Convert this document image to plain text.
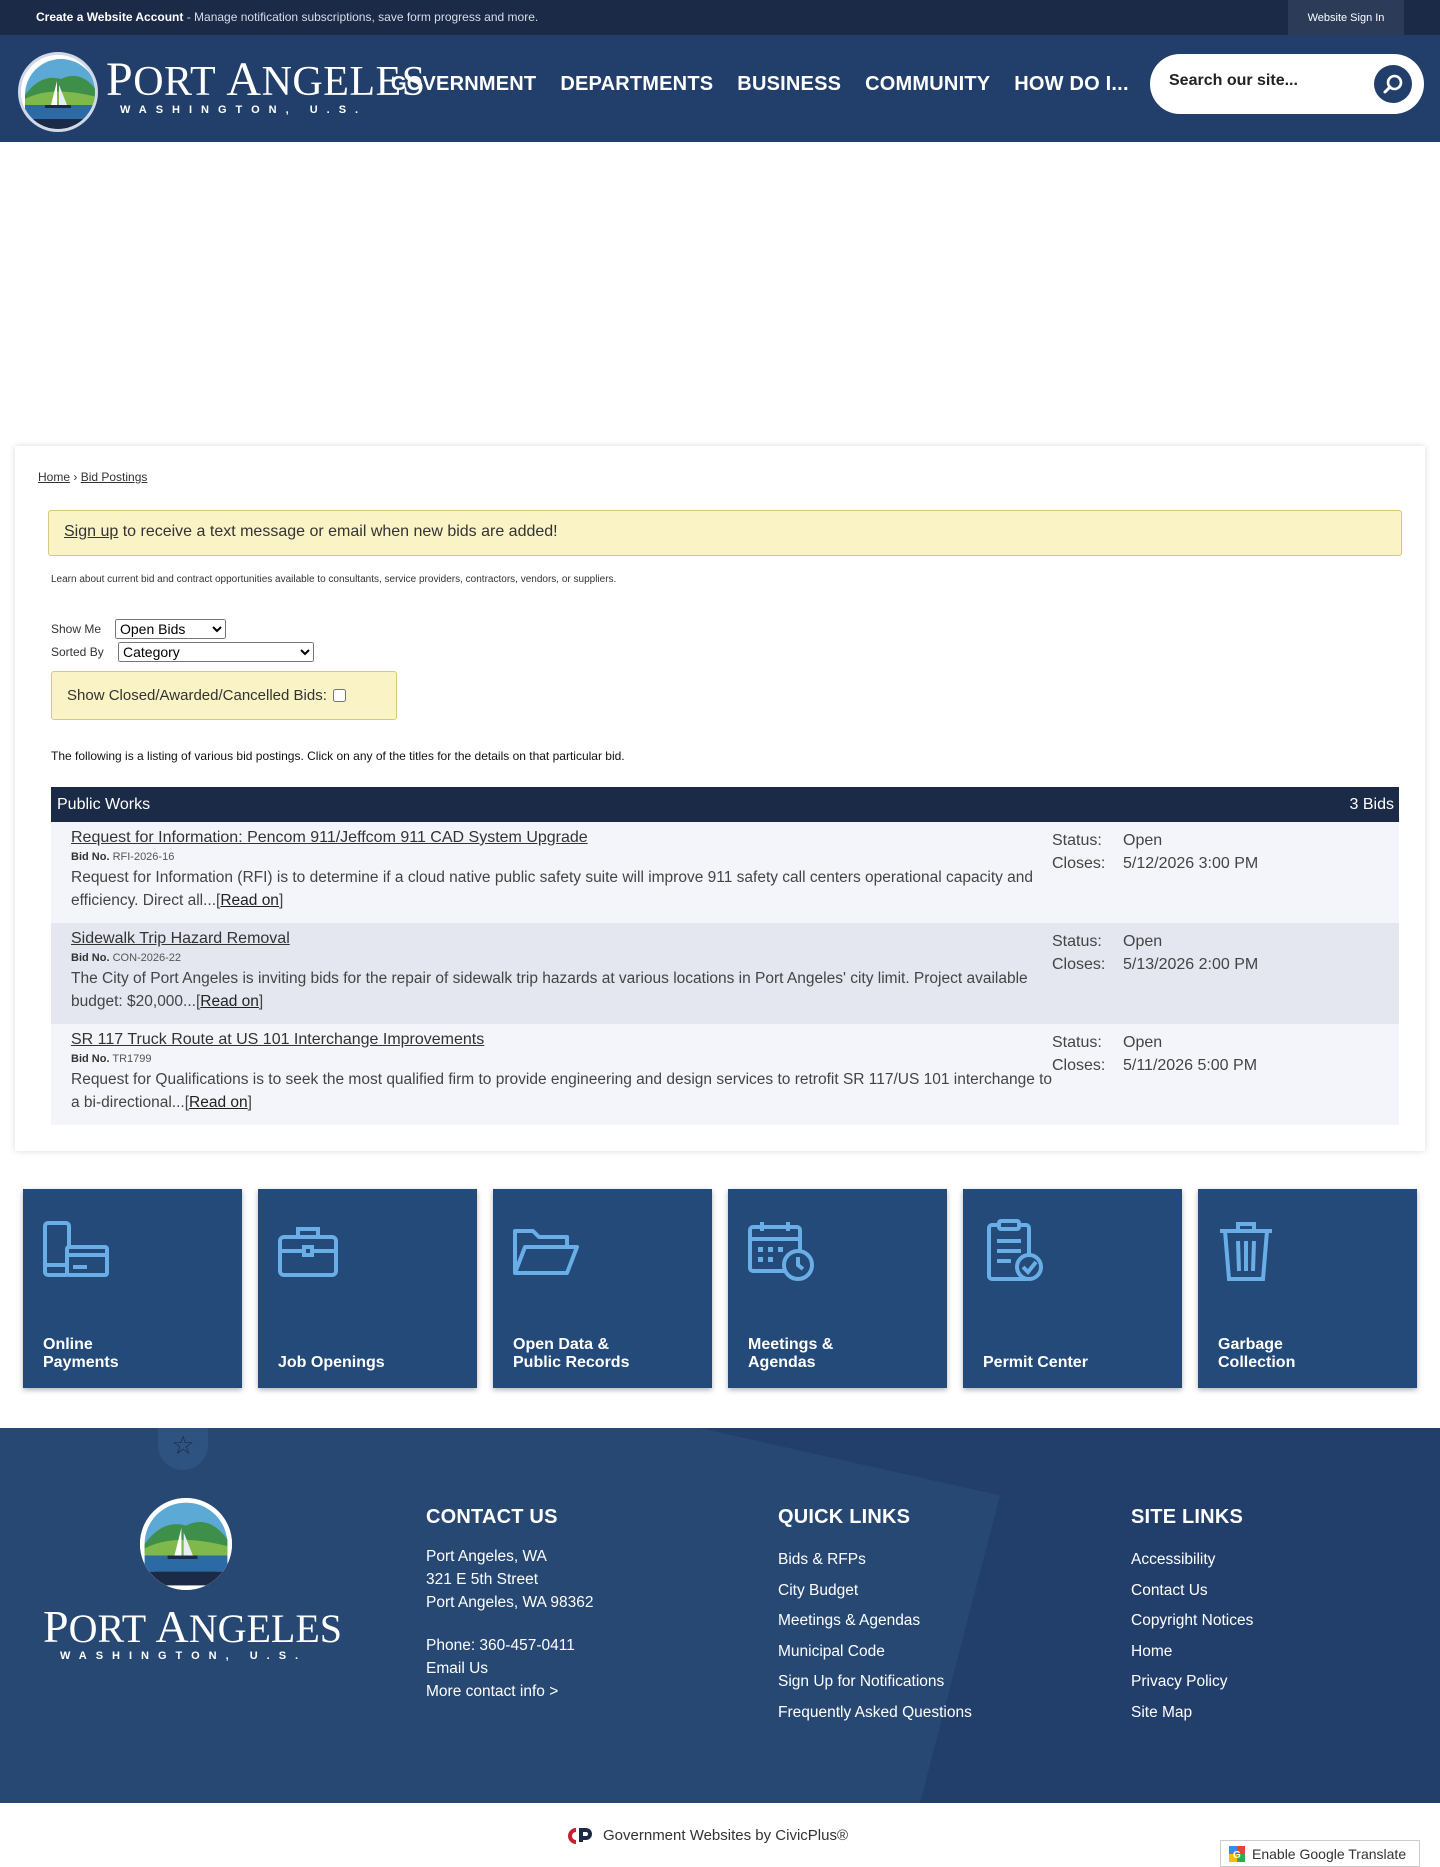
Create a Website Account - Manage notification subscriptions, save form progress and more.	Website Sign In
PORT ANGELES
WASHINGTON, U.S.
GOVERNMENT DEPARTMENTS BUSINESS COMMUNITY HOW DO I...
Search our site...
Home › Bid Postings
Sign up to receive a text message or email when new bids are added!
Learn about current bid and contract opportunities available to consultants, service providers, contractors, vendors, or suppliers.
Show Me
Open Bids
Sorted By
Category
Show Closed/Awarded/Cancelled Bids:
The following is a listing of various bid postings. Click on any of the titles for the details on that particular bid.
Public Works	3 Bids
Request for Information: Pencom 911/Jeffcom 911 CAD System Upgrade
Bid No. RFI-2026-16
Request for Information (RFI) is to determine if a cloud native public safety suite will improve 911 safety call centers operational capacity and efficiency. Direct all...[Read on]
Status: Open
Closes: 5/12/2026 3:00 PM
Sidewalk Trip Hazard Removal
Bid No. CON-2026-22
The City of Port Angeles is inviting bids for the repair of sidewalk trip hazards at various locations in Port Angeles' city limit. Project available budget: $20,000...[Read on]
Status: Open
Closes: 5/13/2026 2:00 PM
SR 117 Truck Route at US 101 Interchange Improvements
Bid No. TR1799
Request for Qualifications is to seek the most qualified firm to provide engineering and design services to retrofit SR 117/US 101 interchange to a bi-directional...[Read on]
Status: Open
Closes: 5/11/2026 5:00 PM
Online
Payments	Job Openings
Open Data &
Public Records
Meetings &
Agendas	Permit Center
Garbage
Collection
☆
PORT ANGELES
WASHINGTON, U.S.
CONTACT US
Port Angeles, WA
321 E 5th Street
Port Angeles, WA 98362
Phone: 360-457-0411
Email Us
More contact info >
QUICK LINKS
Bids & RFPs
City Budget
Meetings & Agendas
Municipal Code
Sign Up for Notifications
Frequently Asked Questions
SITE LINKS
Accessibility
Contact Us
Copyright Notices
Home
Privacy Policy
Site Map
Government Websites by CivicPlus®
G Enable Google Translate
